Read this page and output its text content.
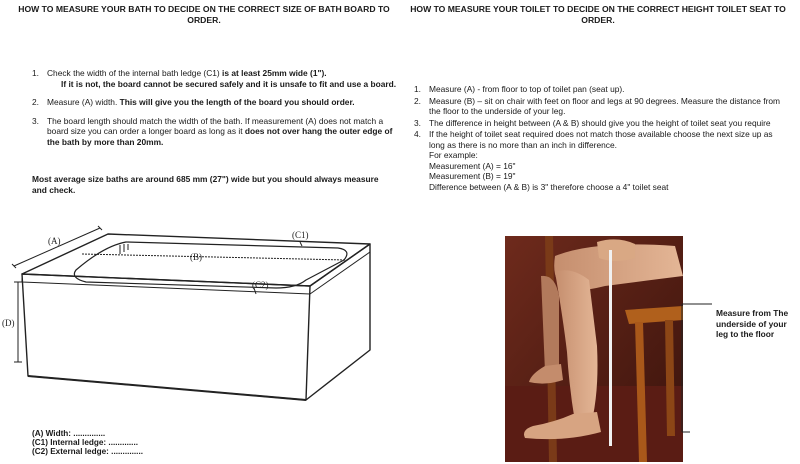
HOW TO MEASURE YOUR BATH TO DECIDE ON THE CORRECT SIZE OF BATH BOARD TO ORDER.
1. Check the width of the internal bath ledge (C1) is at least 25mm wide (1").
If it is not, the board cannot be secured safely and it is unsafe to fit and use a board.
2. Measure (A) width. This will give you the length of the board you should order.
3. The board length should match the width of the bath. If measurement (A) does not match a board size you can order a longer board as long as it does not over hang the outer edge of the bath by more than 20mm.
Most average size baths are around 685 mm (27") wide but you should always measure and check.
(A)
(B)
(C1)
(C2)
(D)
(A) Width: ..............
(C1) Internal ledge: .............
(C2) External ledge: ..............
HOW TO MEASURE YOUR TOILET TO DECIDE ON THE CORRECT HEIGHT TOILET SEAT TO ORDER.
1. Measure (A) - from floor to top of toilet pan (seat up).
2. Measure (B) – sit on chair with feet on floor and legs at 90 degrees. Measure the distance from the floor to the underside of your leg.
3. The difference in height between (A & B) should give you the height of toilet seat you require
4. If the height of toilet seat required does not match those available choose the next size up as long as there is no more than an inch in difference.
For example:
Measurement (A) = 16"
Measurement (B) = 19"
Difference between (A & B) is 3" therefore choose a 4" toilet seat
Measure from The underside of your leg to the floor
